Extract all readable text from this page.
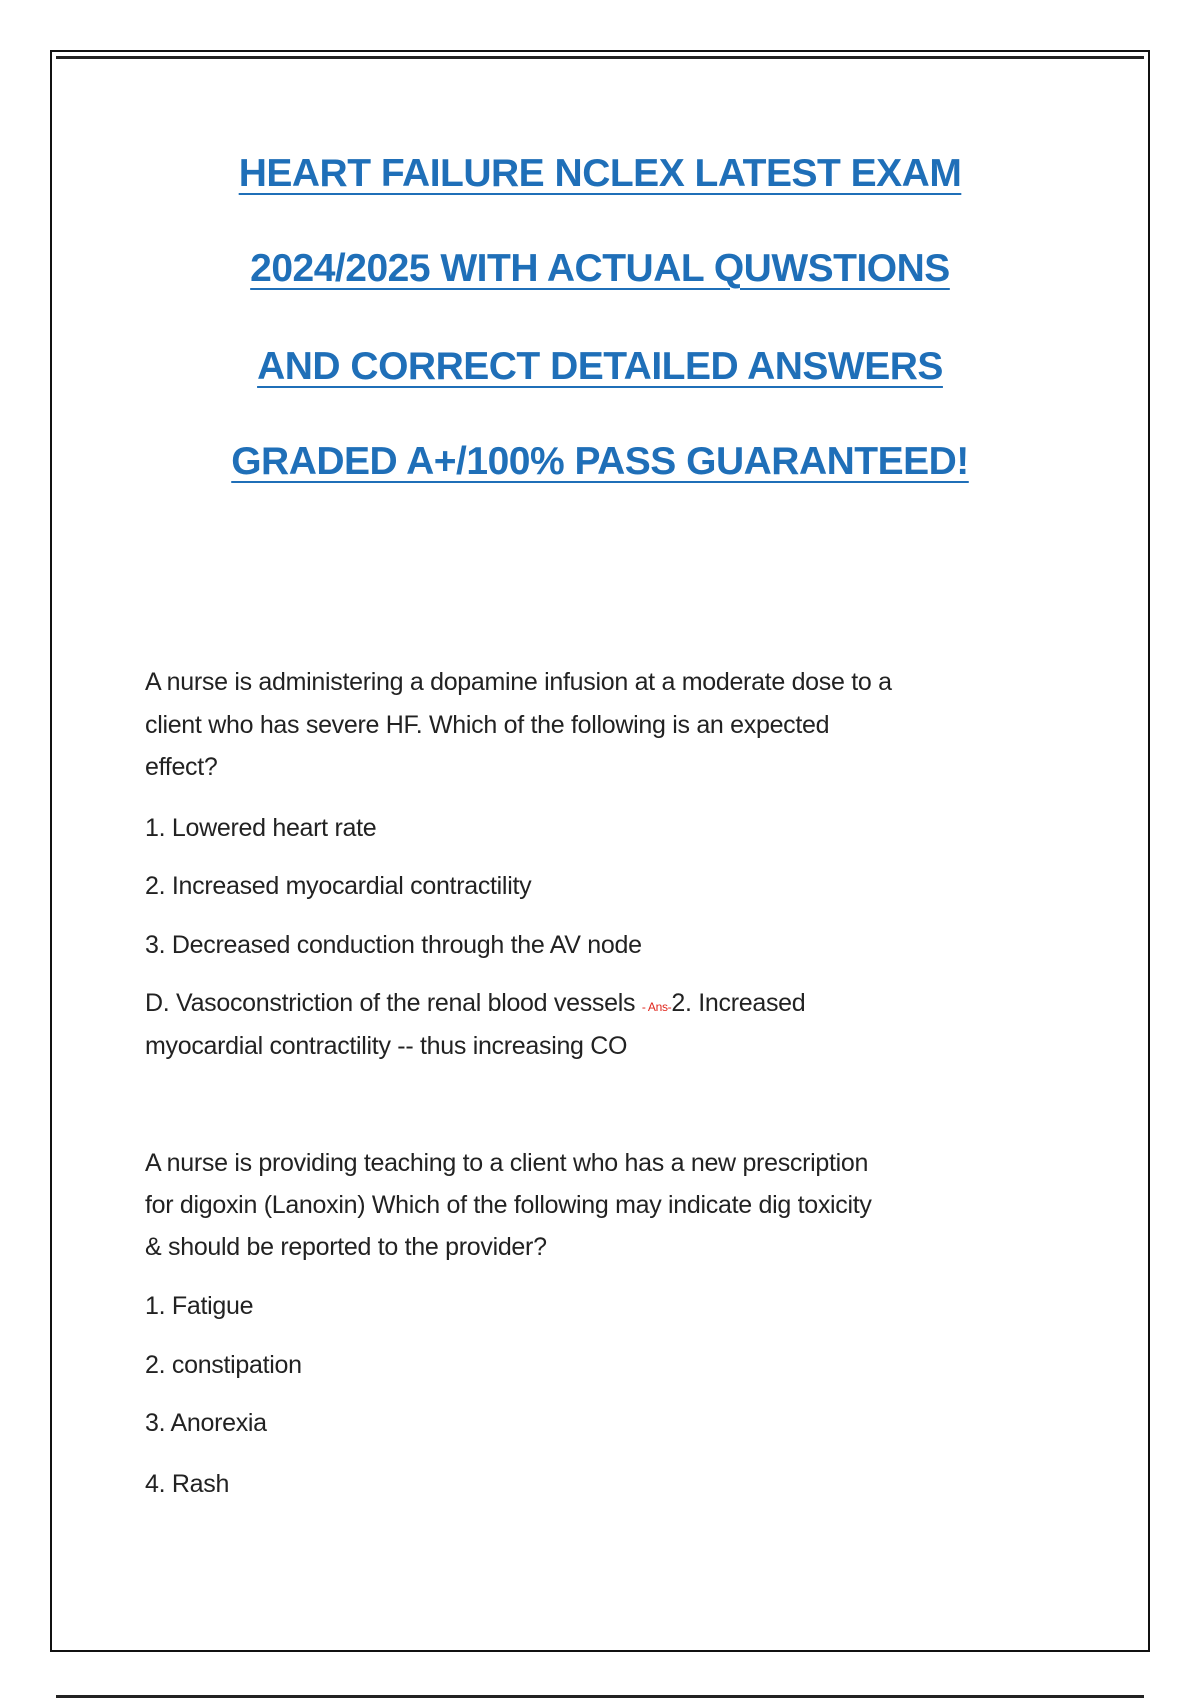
HEART FAILURE NCLEX LATEST EXAM
2024/2025 WITH ACTUAL QUWSTIONS
AND CORRECT DETAILED ANSWERS
GRADED A+/100% PASS GUARANTEED!
A nurse is administering a dopamine infusion at a moderate dose to a
client who has severe HF. Which of the following is an expected
effect?
1. Lowered heart rate
2. Increased myocardial contractility
3. Decreased conduction through the AV node
D. Vasoconstriction of the renal blood vessels - Ans-2. Increased
myocardial contractility -- thus increasing CO
A nurse is providing teaching to a client who has a new prescription
for digoxin (Lanoxin) Which of the following may indicate dig toxicity
& should be reported to the provider?
1. Fatigue
2. constipation
3. Anorexia
4. Rash
